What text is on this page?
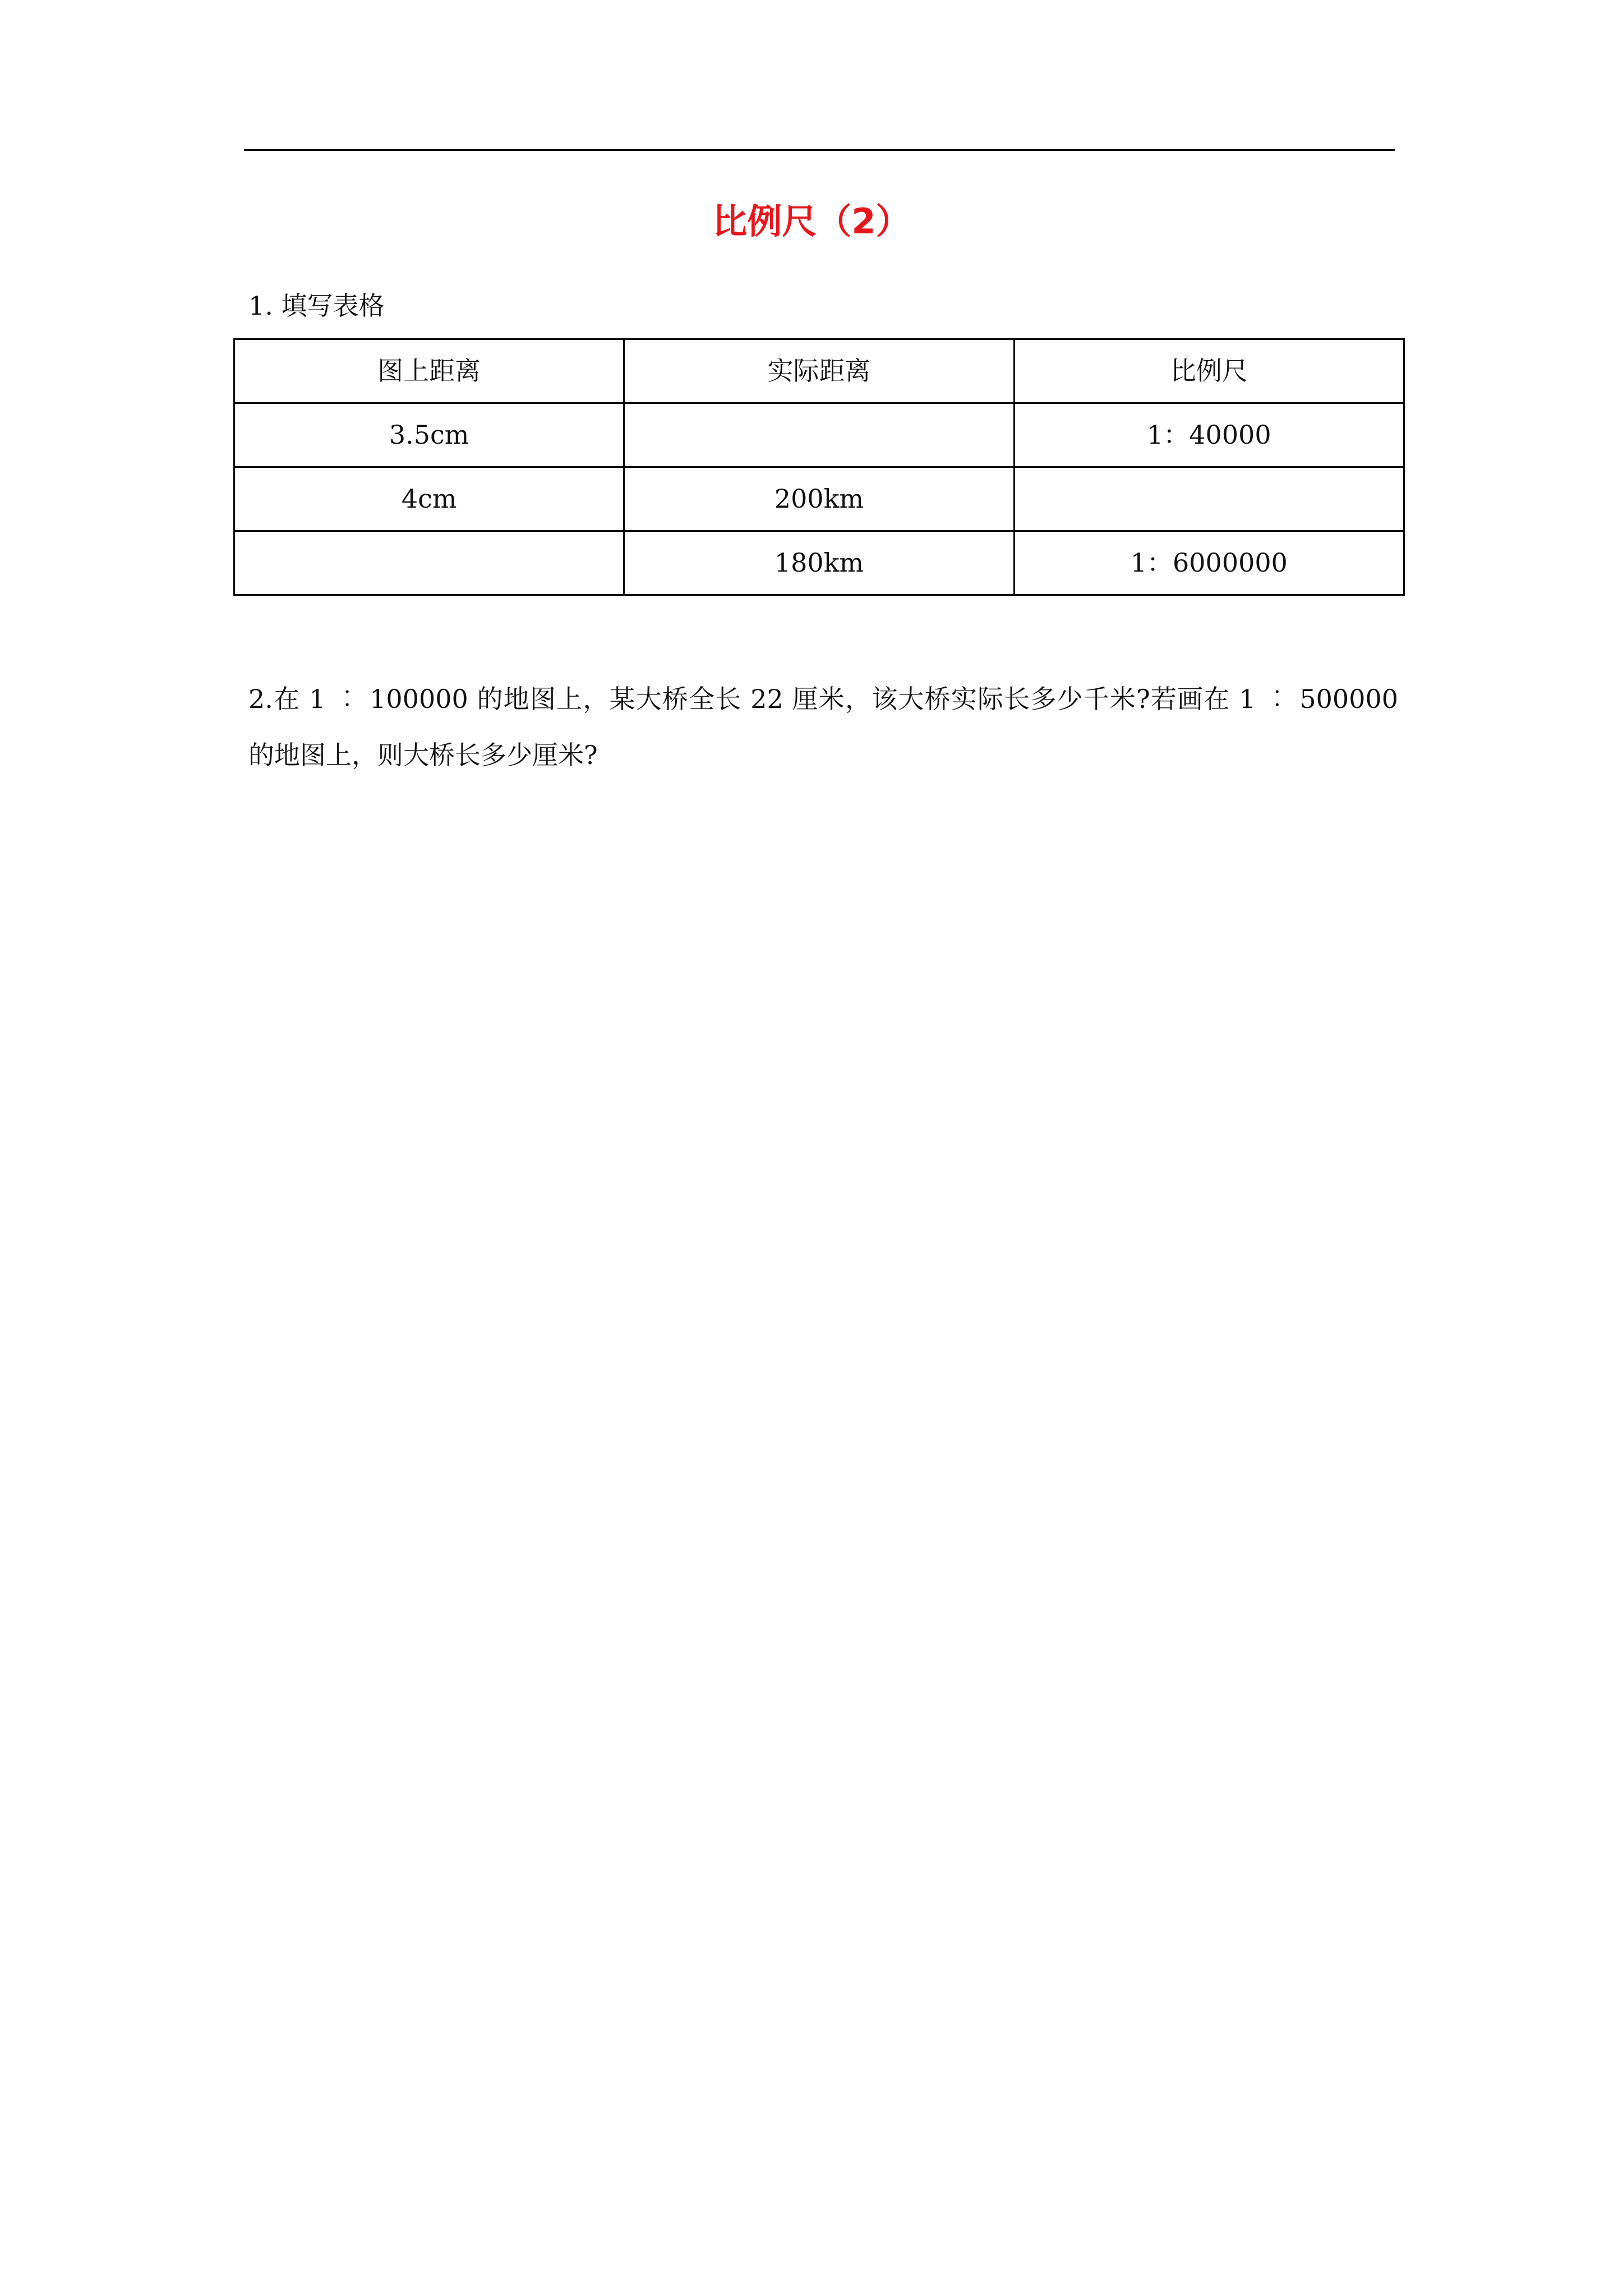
比例尺（2）
1. 填写表格
图上距离	实际距离	比例尺
3.5cm		1：40000
4cm	200km	
	180km	1：6000000
2.在 1 ︰ 100000 的地图上，某大桥全长 22 厘米，该大桥实际长多少千米?若画在 1 ︰ 500000 的地图上，则大桥长多少厘米?
